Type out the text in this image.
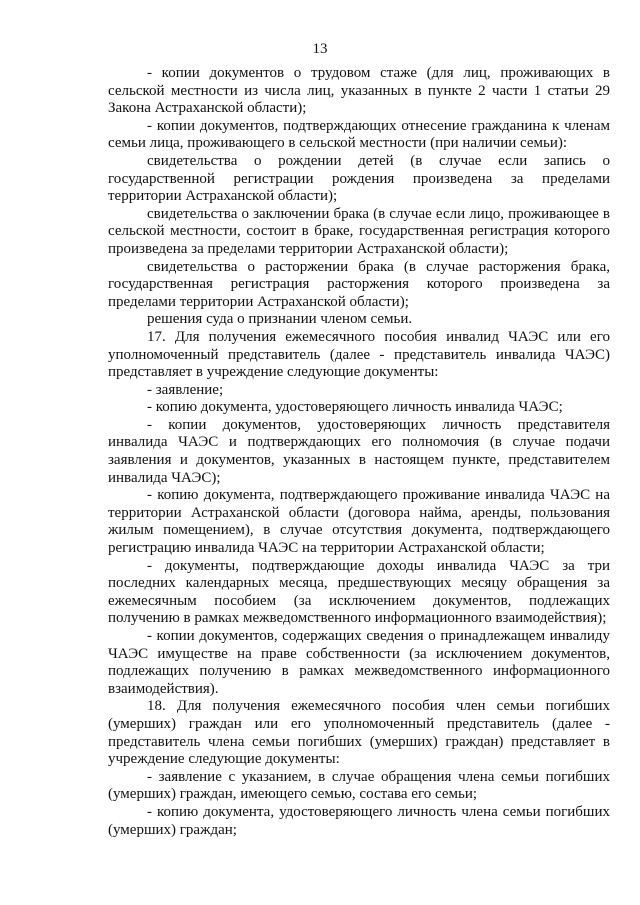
13

- копии документов о трудовом стаже (для лиц, проживающих в сельской местности из числа лиц, указанных в пункте 2 части 1 статьи 29 Закона Астраханской области);

- копии документов, подтверждающих отнесение гражданина к членам семьи лица, проживающего в сельской местности (при наличии семьи):

свидетельства о рождении детей (в случае если запись о государственной регистрации рождения произведена за пределами территории Астраханской области);

свидетельства о заключении брака (в случае если лицо, проживающее в сельской местности, состоит в браке, государственная регистрация которого произведена за пределами территории Астраханской области);

свидетельства о расторжении брака (в случае расторжения брака, государственная регистрация расторжения которого произведена за пределами территории Астраханской области);

решения суда о признании членом семьи.

17. Для получения ежемесячного пособия инвалид ЧАЭС или его уполномоченный представитель (далее - представитель инвалида ЧАЭС) представляет в учреждение следующие документы:

- заявление;

- копию документа, удостоверяющего личность инвалида ЧАЭС;

- копии документов, удостоверяющих личность представителя инвалида ЧАЭС и подтверждающих его полномочия (в случае подачи заявления и документов, указанных в настоящем пункте, представителем инвалида ЧАЭС);

- копию документа, подтверждающего проживание инвалида ЧАЭС на территории Астраханской области (договора найма, аренды, пользования жилым помещением), в случае отсутствия документа, подтверждающего регистрацию инвалида ЧАЭС на территории Астраханской области;

- документы, подтверждающие доходы инвалида ЧАЭС за три последних календарных месяца, предшествующих месяцу обращения за ежемесячным пособием (за исключением документов, подлежащих получению в рамках межведомственного информационного взаимодействия);

- копии документов, содержащих сведения о принадлежащем инвалиду ЧАЭС имуществе на праве собственности (за исключением документов, подлежащих получению в рамках межведомственного информационного взаимодействия).

18. Для получения ежемесячного пособия член семьи погибших (умерших) граждан или его уполномоченный представитель (далее - представитель члена семьи погибших (умерших) граждан) представляет в учреждение следующие документы:

- заявление с указанием, в случае обращения члена семьи погибших (умерших) граждан, имеющего семью, состава его семьи;

- копию документа, удостоверяющего личность члена семьи погибших (умерших) граждан;
